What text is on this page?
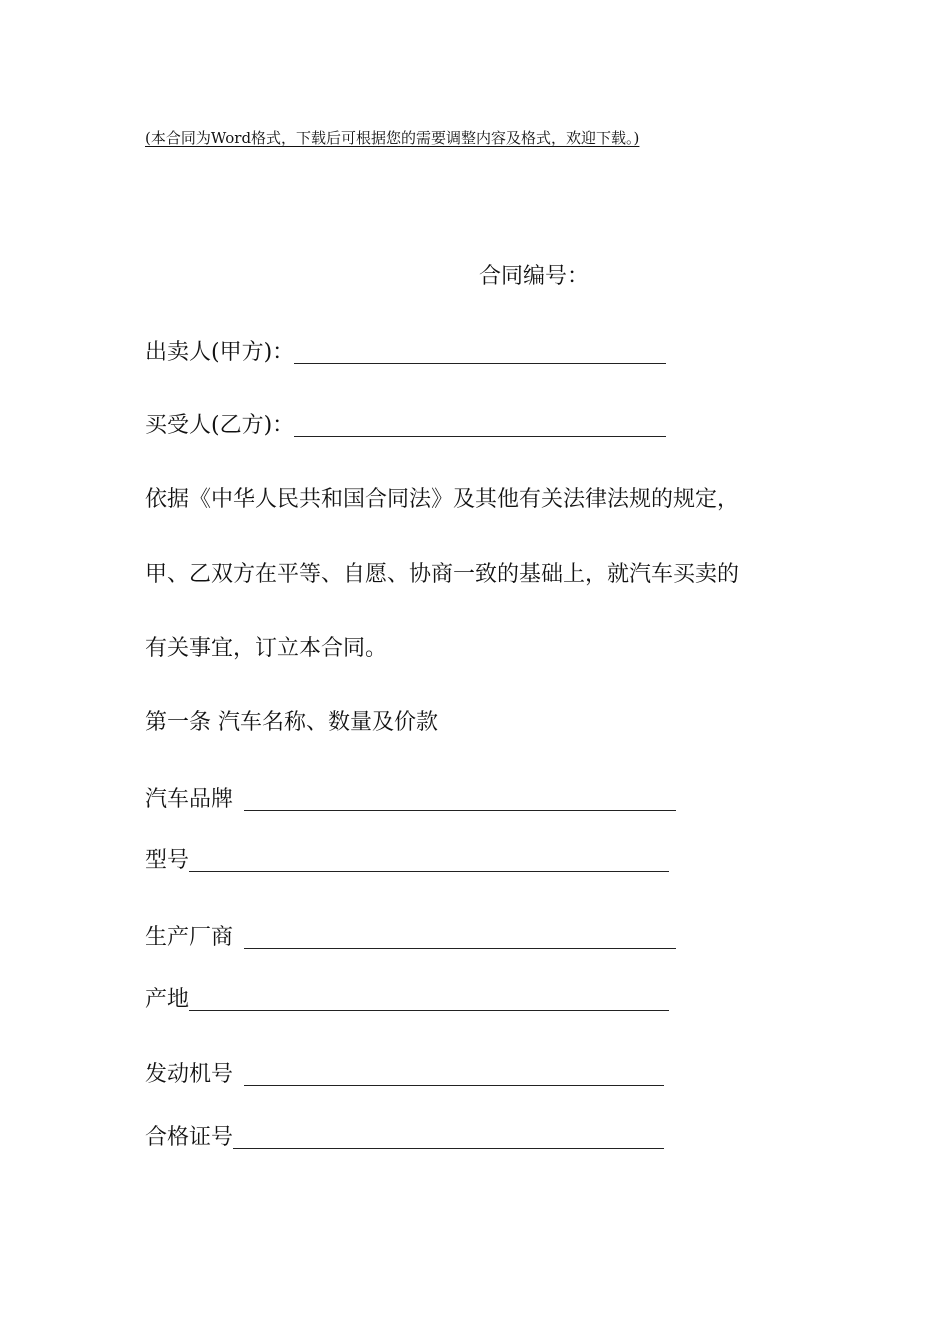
(本合同为Word格式，下载后可根据您的需要调整内容及格式，欢迎下载。)
合同编号：
出卖人(甲方)：
买受人(乙方)：
依据《中华人民共和国合同法》及其他有关法律法规的规定，
甲、乙双方在平等、自愿、协商一致的基础上，就汽车买卖的
有关事宜，订立本合同。
第一条 汽车名称、数量及价款
汽车品牌
型号
生产厂商
产地
发动机号
合格证号
